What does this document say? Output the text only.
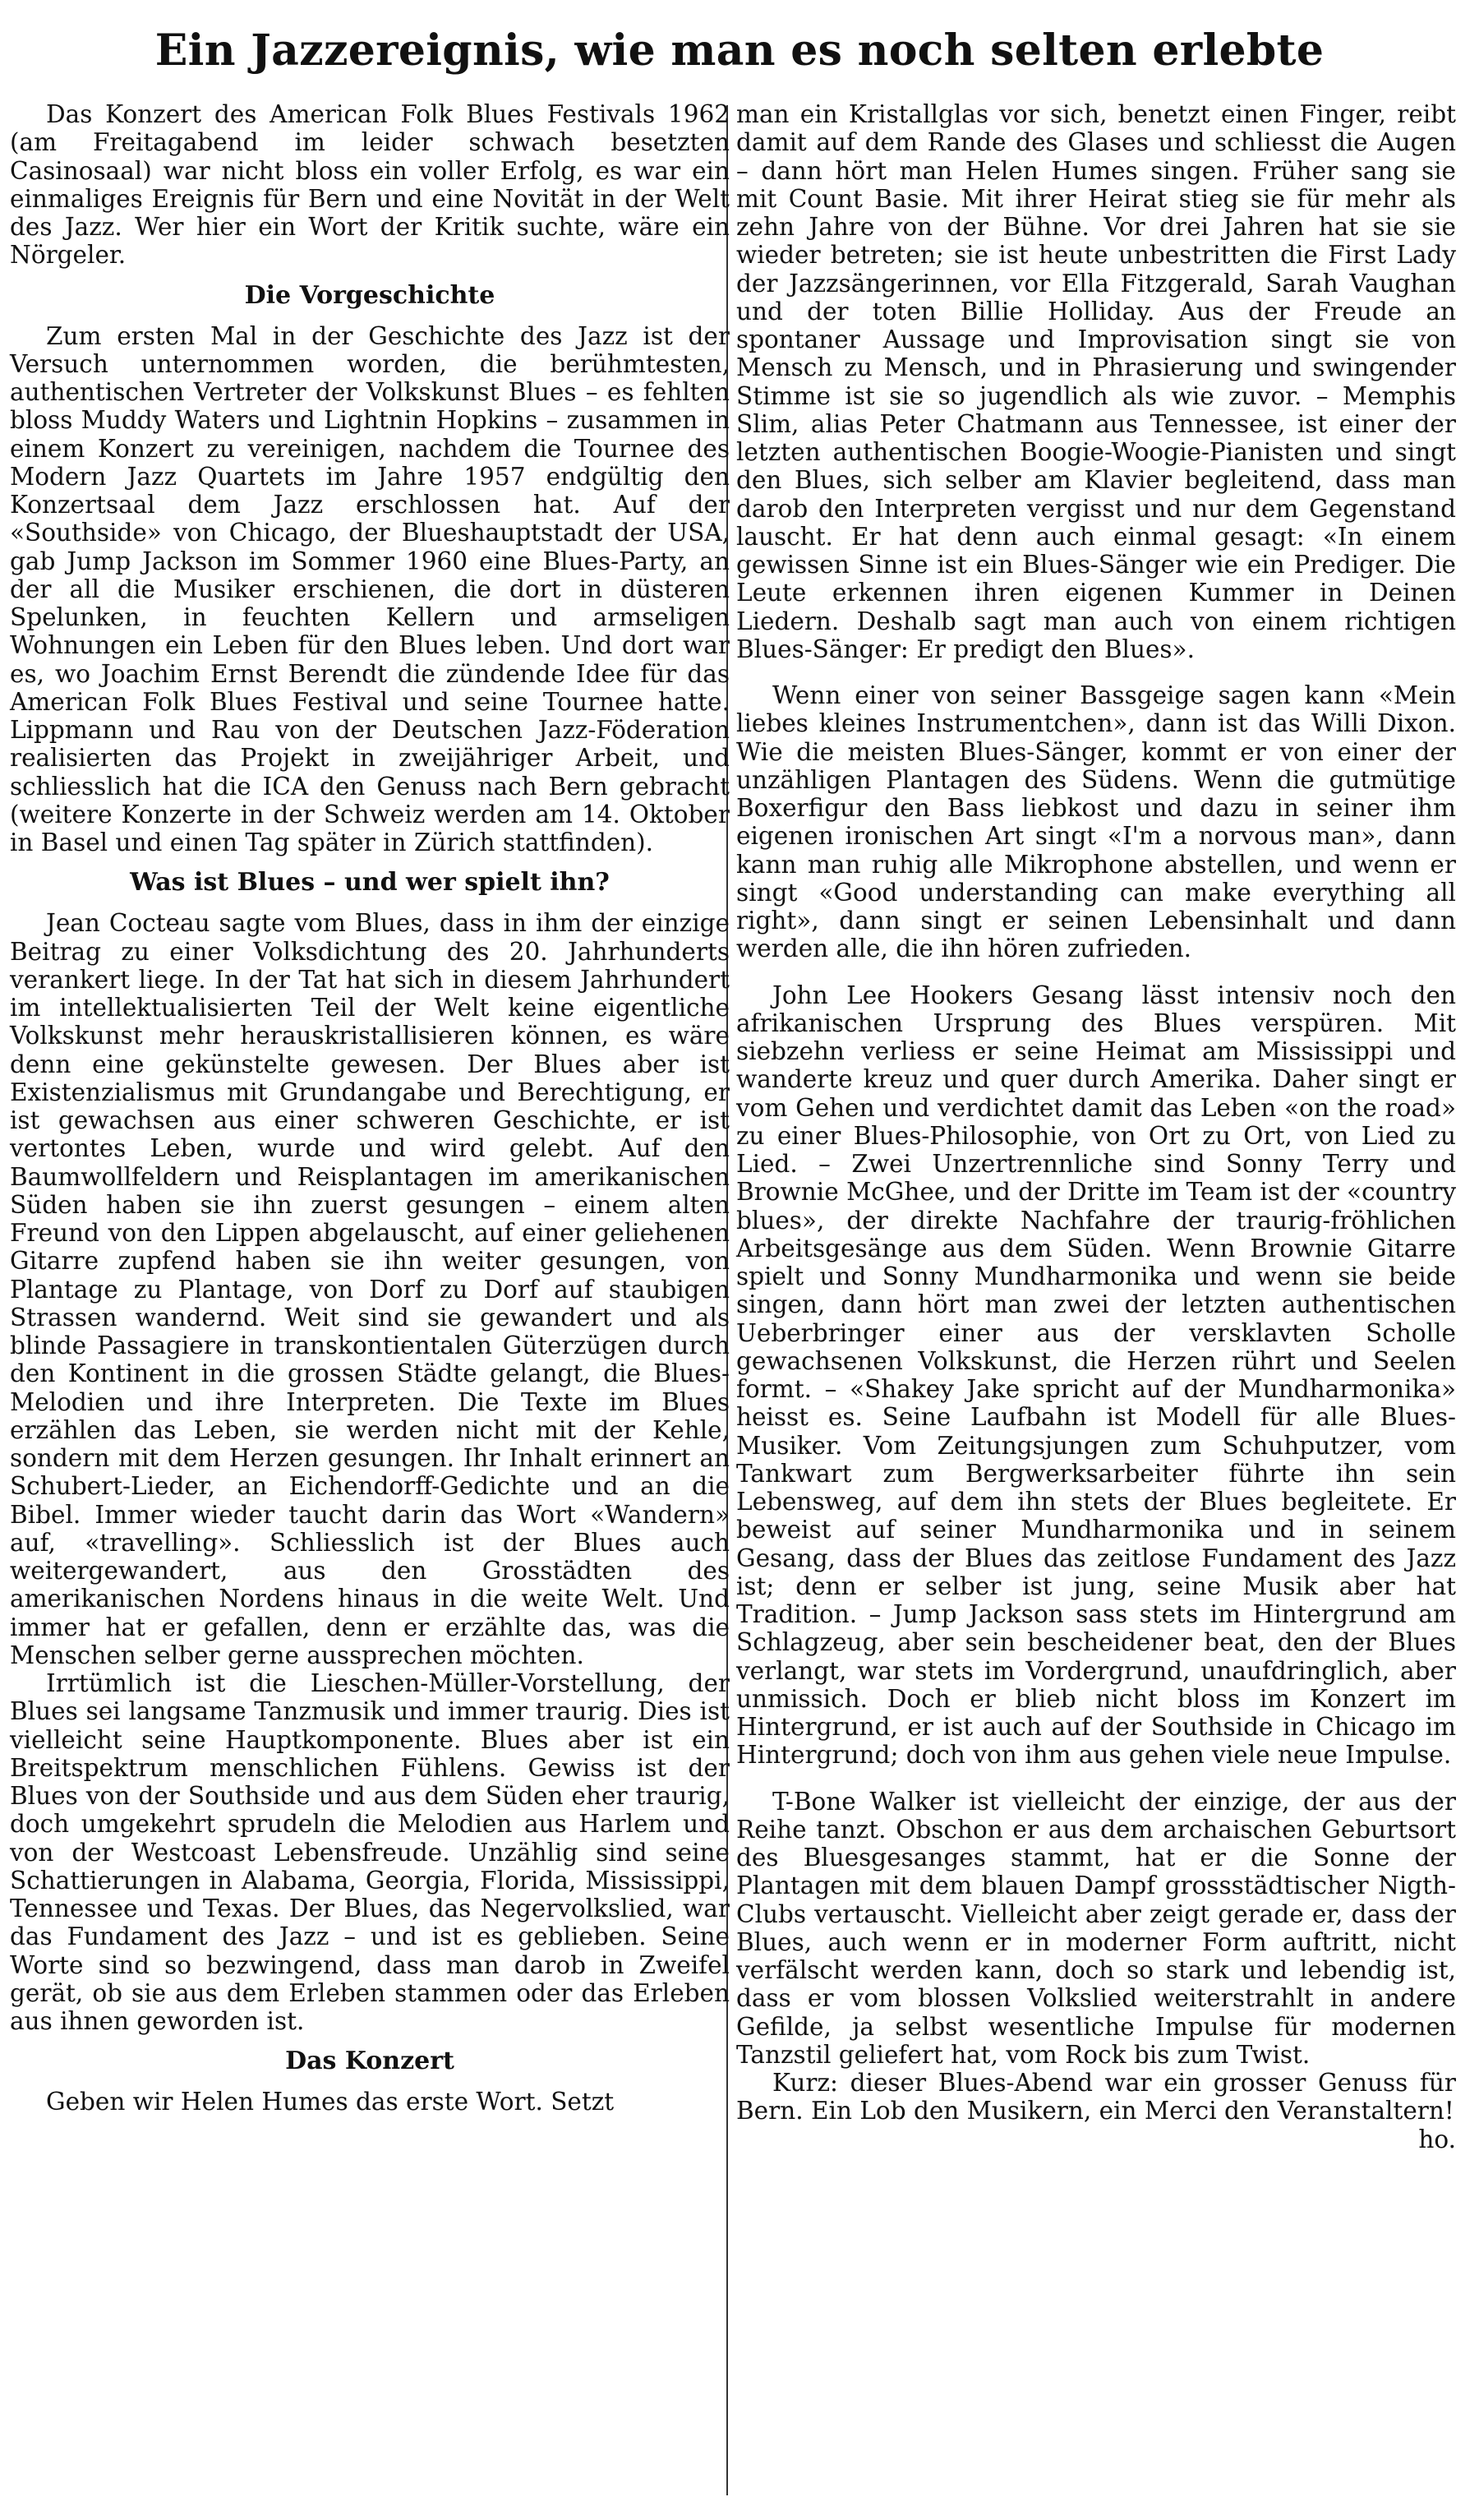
Ein Jazzereignis, wie man es noch selten erlebte

Das Konzert des American Folk Blues Festivals 1962 (am Freitagabend im leider schwach besetzten Casinosaal) war nicht bloss ein voller Erfolg, es war ein einmaliges Ereignis für Bern und eine Novität in der Welt des Jazz. Wer hier ein Wort der Kritik suchte, wäre ein Nörgeler.

Die Vorgeschichte

Zum ersten Mal in der Geschichte des Jazz ist der Versuch unternommen worden, die berühmtesten, authentischen Vertreter der Volkskunst Blues – es fehlten bloss Muddy Waters und Lightnin Hopkins – zusammen in einem Konzert zu vereinigen, nachdem die Tournee des Modern Jazz Quartets im Jahre 1957 endgültig den Konzertsaal dem Jazz erschlossen hat. Auf der «Southside» von Chicago, der Blueshauptstadt der USA, gab Jump Jackson im Sommer 1960 eine Blues-Party, an der all die Musiker erschienen, die dort in düsteren Spelunken, in feuchten Kellern und armseligen Wohnungen ein Leben für den Blues leben. Und dort war es, wo Joachim Ernst Berendt die zündende Idee für das American Folk Blues Festival und seine Tournee hatte. Lippmann und Rau von der Deutschen Jazz-Föderation realisierten das Projekt in zweijähriger Arbeit, und schliesslich hat die ICA den Genuss nach Bern gebracht (weitere Konzerte in der Schweiz werden am 14. Oktober in Basel und einen Tag später in Zürich stattfinden).

Was ist Blues – und wer spielt ihn?

Jean Cocteau sagte vom Blues, dass in ihm der einzige Beitrag zu einer Volksdichtung des 20. Jahrhunderts verankert liege. In der Tat hat sich in diesem Jahrhundert im intellektualisierten Teil der Welt keine eigentliche Volkskunst mehr herauskristallisieren können, es wäre denn eine gekünstelte gewesen. Der Blues aber ist Existenzialismus mit Grundangabe und Berechtigung, er ist gewachsen aus einer schweren Geschichte, er ist vertontes Leben, wurde und wird gelebt. Auf den Baumwollfeldern und Reisplantagen im amerikanischen Süden haben sie ihn zuerst gesungen – einem alten Freund von den Lippen abgelauscht, auf einer geliehenen Gitarre zupfend haben sie ihn weiter gesungen, von Plantage zu Plantage, von Dorf zu Dorf auf staubigen Strassen wandernd. Weit sind sie gewandert und als blinde Passagiere in transkontientalen Güterzügen durch den Kontinent in die grossen Städte gelangt, die Blues-Melodien und ihre Interpreten. Die Texte im Blues erzählen das Leben, sie werden nicht mit der Kehle, sondern mit dem Herzen gesungen. Ihr Inhalt erinnert an Schubert-Lieder, an Eichendorff-Gedichte und an die Bibel. Immer wieder taucht darin das Wort «Wandern» auf, «travelling». Schliesslich ist der Blues auch weitergewandert, aus den Grosstädten des amerikanischen Nordens hinaus in die weite Welt. Und immer hat er gefallen, denn er erzählte das, was die Menschen selber gerne aussprechen möchten.

Irrtümlich ist die Lieschen-Müller-Vorstellung, der Blues sei langsame Tanzmusik und immer traurig. Dies ist vielleicht seine Hauptkomponente. Blues aber ist ein Breitspektrum menschlichen Fühlens. Gewiss ist der Blues von der Southside und aus dem Süden eher traurig, doch umgekehrt sprudeln die Melodien aus Harlem und von der Westcoast Lebensfreude. Unzählig sind seine Schattierungen in Alabama, Georgia, Florida, Mississippi, Tennessee und Texas. Der Blues, das Negervolkslied, war das Fundament des Jazz – und ist es geblieben. Seine Worte sind so bezwingend, dass man darob in Zweifel gerät, ob sie aus dem Erleben stammen oder das Erleben aus ihnen geworden ist.

Das Konzert

Geben wir Helen Humes das erste Wort. Setzt

man ein Kristallglas vor sich, benetzt einen Finger, reibt damit auf dem Rande des Glases und schliesst die Augen – dann hört man Helen Humes singen. Früher sang sie mit Count Basie. Mit ihrer Heirat stieg sie für mehr als zehn Jahre von der Bühne. Vor drei Jahren hat sie sie wieder betreten; sie ist heute unbestritten die First Lady der Jazzsängerinnen, vor Ella Fitzgerald, Sarah Vaughan und der toten Billie Holliday. Aus der Freude an spontaner Aussage und Improvisation singt sie von Mensch zu Mensch, und in Phrasierung und swingender Stimme ist sie so jugendlich als wie zuvor. – Memphis Slim, alias Peter Chatmann aus Tennessee, ist einer der letzten authentischen Boogie-Woogie-Pianisten und singt den Blues, sich selber am Klavier begleitend, dass man darob den Interpreten vergisst und nur dem Gegenstand lauscht. Er hat denn auch einmal gesagt: «In einem gewissen Sinne ist ein Blues-Sänger wie ein Prediger. Die Leute erkennen ihren eigenen Kummer in Deinen Liedern. Deshalb sagt man auch von einem richtigen Blues-Sänger: Er predigt den Blues».

Wenn einer von seiner Bassgeige sagen kann «Mein liebes kleines Instrumentchen», dann ist das Willi Dixon. Wie die meisten Blues-Sänger, kommt er von einer der unzähligen Plantagen des Südens. Wenn die gutmütige Boxerfigur den Bass liebkost und dazu in seiner ihm eigenen ironischen Art singt «I'm a norvous man», dann kann man ruhig alle Mikrophone abstellen, und wenn er singt «Good understanding can make everything all right», dann singt er seinen Lebensinhalt und dann werden alle, die ihn hören zufrieden.

John Lee Hookers Gesang lässt intensiv noch den afrikanischen Ursprung des Blues verspüren. Mit siebzehn verliess er seine Heimat am Mississippi und wanderte kreuz und quer durch Amerika. Daher singt er vom Gehen und verdichtet damit das Leben «on the road» zu einer Blues-Philosophie, von Ort zu Ort, von Lied zu Lied. – Zwei Unzertrennliche sind Sonny Terry und Brownie McGhee, und der Dritte im Team ist der «country blues», der direkte Nachfahre der traurig-fröhlichen Arbeitsgesänge aus dem Süden. Wenn Brownie Gitarre spielt und Sonny Mundharmonika und wenn sie beide singen, dann hört man zwei der letzten authentischen Ueberbringer einer aus der versklavten Scholle gewachsenen Volkskunst, die Herzen rührt und Seelen formt. – «Shakey Jake spricht auf der Mundharmonika» heisst es. Seine Laufbahn ist Modell für alle Blues-Musiker. Vom Zeitungsjungen zum Schuhputzer, vom Tankwart zum Bergwerksarbeiter führte ihn sein Lebensweg, auf dem ihn stets der Blues begleitete. Er beweist auf seiner Mundharmonika und in seinem Gesang, dass der Blues das zeitlose Fundament des Jazz ist; denn er selber ist jung, seine Musik aber hat Tradition. – Jump Jackson sass stets im Hintergrund am Schlagzeug, aber sein bescheidener beat, den der Blues verlangt, war stets im Vordergrund, unaufdringlich, aber unmissich. Doch er blieb nicht bloss im Konzert im Hintergrund, er ist auch auf der Southside in Chicago im Hintergrund; doch von ihm aus gehen viele neue Impulse.

T-Bone Walker ist vielleicht der einzige, der aus der Reihe tanzt. Obschon er aus dem archaischen Geburtsort des Bluesgesanges stammt, hat er die Sonne der Plantagen mit dem blauen Dampf grossstädtischer Nigth-Clubs vertauscht. Vielleicht aber zeigt gerade er, dass der Blues, auch wenn er in moderner Form auftritt, nicht verfälscht werden kann, doch so stark und lebendig ist, dass er vom blossen Volkslied weiterstrahlt in andere Gefilde, ja selbst wesentliche Impulse für modernen Tanzstil geliefert hat, vom Rock bis zum Twist.

Kurz: dieser Blues-Abend war ein grosser Genuss für Bern. Ein Lob den Musikern, ein Merci den Veranstaltern!

ho.
